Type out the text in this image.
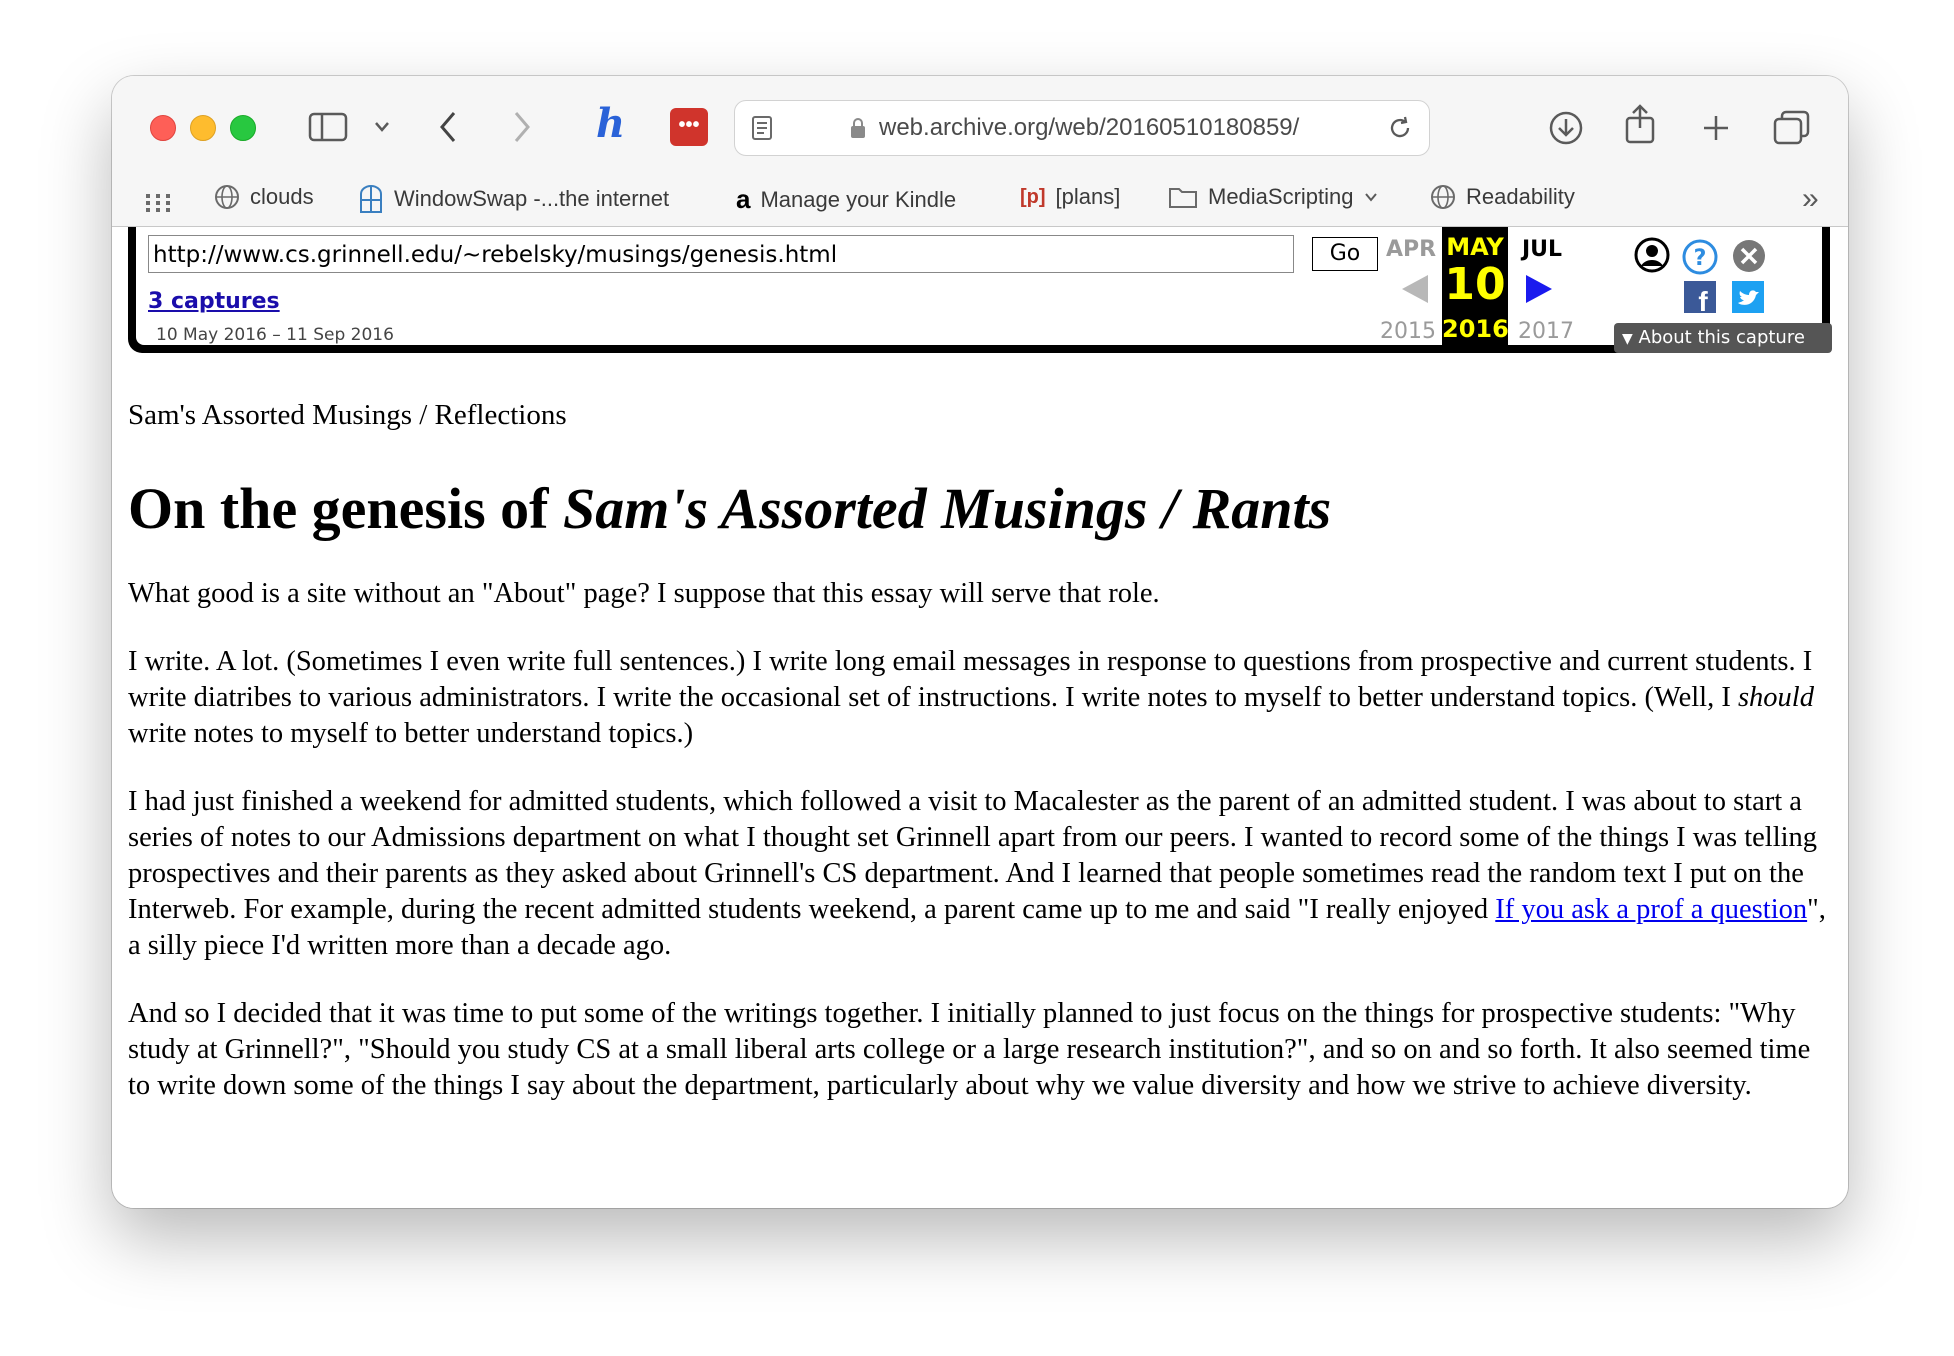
h	•••	web.archive.org/web/20160510180859/
clouds	WindowSwap -...the internet	a Manage your Kindle	[p] [plans]	MediaScripting	Readability	»
http://www.cs.grinnell.edu/~rebelsky/musings/genesis.html	Go
3 captures
10 May 2016 – 11 Sep 2016
APR
2015
MAY
10
2016
JUL
2017
?
f
▼ About this capture

Sam's Assorted Musings / Reflections

On the genesis of Sam's Assorted Musings / Rants

What good is a site without an "About" page? I suppose that this essay will serve that role.

I write. A lot. (Sometimes I even write full sentences.) I write long email messages in response to questions from prospective and current students. I write diatribes to various administrators. I write the occasional set of instructions. I write notes to myself to better understand topics. (Well, I should write notes to myself to better understand topics.)

I had just finished a weekend for admitted students, which followed a visit to Macalester as the parent of an admitted student. I was about to start a series of notes to our Admissions department on what I thought set Grinnell apart from our peers. I wanted to record some of the things I was telling prospectives and their parents as they asked about Grinnell's CS department. And I learned that people sometimes read the random text I put on the Interweb. For example, during the recent admitted students weekend, a parent came up to me and said "I really enjoyed If you ask a prof a question", a silly piece I'd written more than a decade ago.

And so I decided that it was time to put some of the writings together. I initially planned to just focus on the things for prospective students: "Why study at Grinnell?", "Should you study CS at a small liberal arts college or a large research institution?", and so on and so forth. It also seemed time to write down some of the things I say about the department, particularly about why we value diversity and how we strive to achieve diversity.
